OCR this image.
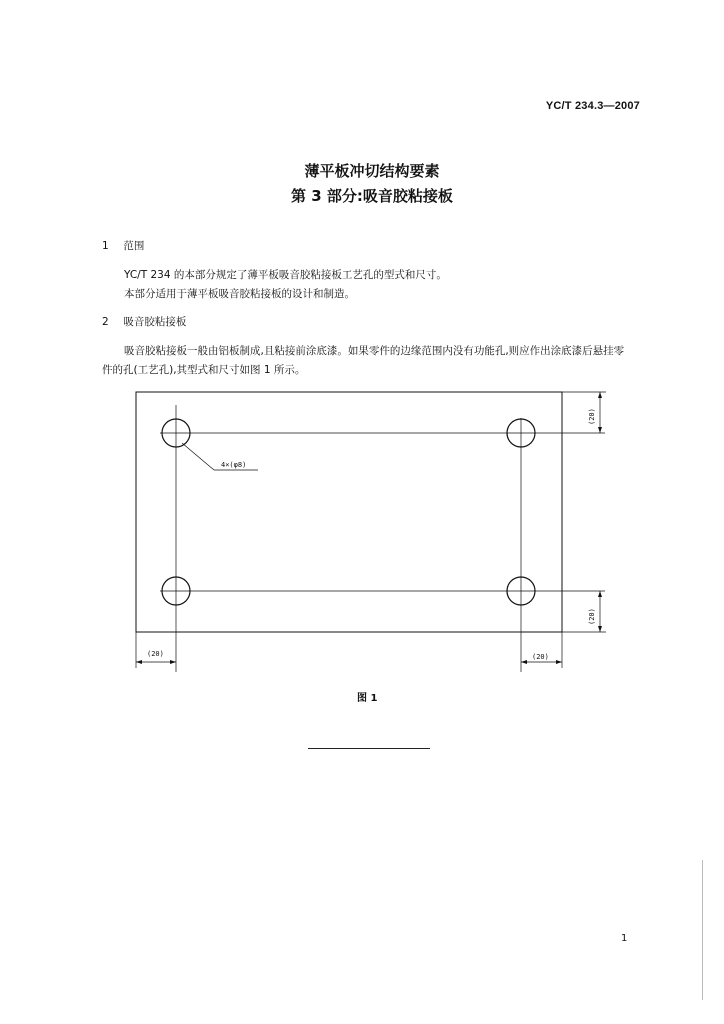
YC/T 234.3—2007
薄平板冲切结构要素
第 3 部分:吸音胶粘接板
1 范围
YC/T 234 的本部分规定了薄平板吸音胶粘接板工艺孔的型式和尺寸。
本部分适用于薄平板吸音胶粘接板的设计和制造。
2 吸音胶粘接板
吸音胶粘接板一般由铝板制成,且粘接前涂底漆。如果零件的边缘范围内没有功能孔,则应作出涂底漆后悬挂零件的孔(工艺孔),其型式和尺寸如图 1 所示。
4×(φ8)
(20)
(20)
(20)	(20)
图 1
1
